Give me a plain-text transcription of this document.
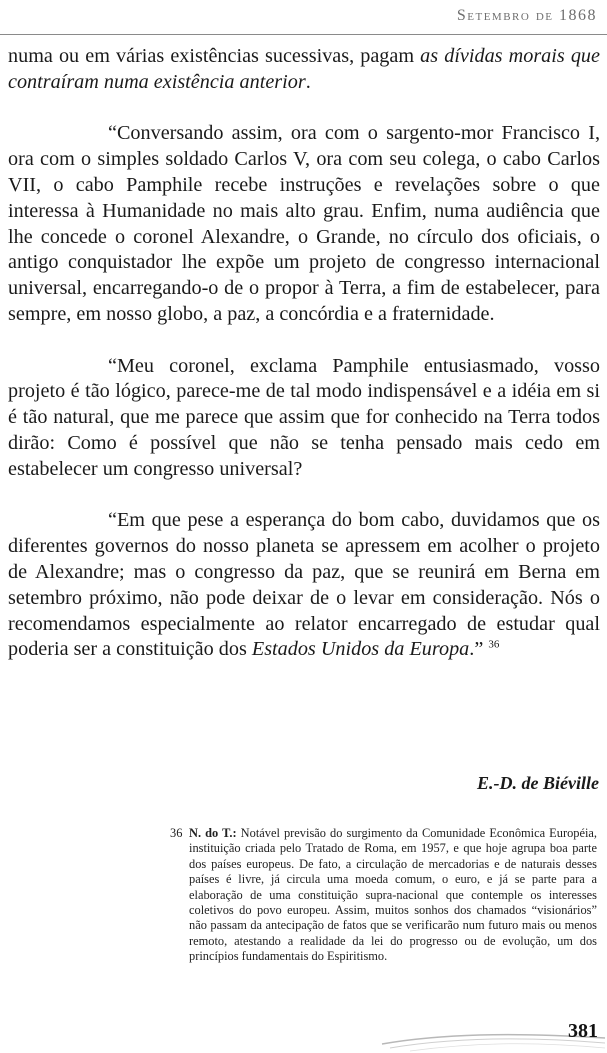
Setembro de 1868

numa ou em várias existências sucessivas, pagam as dívidas morais que contraíram numa existência anterior.

“Conversando assim, ora com o sargento-mor Francisco I, ora com o simples soldado Carlos V, ora com seu colega, o cabo Carlos VII, o cabo Pamphile recebe instruções e revelações sobre o que interessa à Humanidade no mais alto grau. Enfim, numa audiência que lhe concede o coronel Alexandre, o Grande, no círculo dos oficiais, o antigo conquistador lhe expõe um projeto de congresso internacional universal, encarregando-o de o propor à Terra, a fim de estabelecer, para sempre, em nosso globo, a paz, a concórdia e a fraternidade.

“Meu coronel, exclama Pamphile entusiasmado, vosso projeto é tão lógico, parece-me de tal modo indispensável e a idéia em si é tão natural, que me parece que assim que for conhecido na Terra todos dirão: Como é possível que não se tenha pensado mais cedo em estabelecer um congresso universal?

“Em que pese a esperança do bom cabo, duvidamos que os diferentes governos do nosso planeta se apressem em acolher o projeto de Alexandre; mas o congresso da paz, que se reunirá em Berna em setembro próximo, não pode deixar de o levar em consideração. Nós o recomendamos especialmente ao relator encarregado de estudar qual poderia ser a constituição dos Estados Unidos da Europa.” $^{36}$

E.-D. de Biéville
36 N. do T.: Notável previsão do surgimento da Comunidade Econômica Européia, instituição criada pelo Tratado de Roma, em 1957, e que hoje agrupa boa parte dos países europeus. De fato, a circulação de mercadorias e de naturais desses países é livre, já circula uma moeda comum, o euro, e já se parte para a elaboração de uma constituição supra-nacional que contemple os interesses coletivos do povo europeu. Assim, muitos sonhos dos chamados “visionários” não passam da antecipação de fatos que se verificarão num futuro mais ou menos remoto, atestando a realidade da lei do progresso ou de evolução, um dos princípios fundamentais do Espiritismo.
381
